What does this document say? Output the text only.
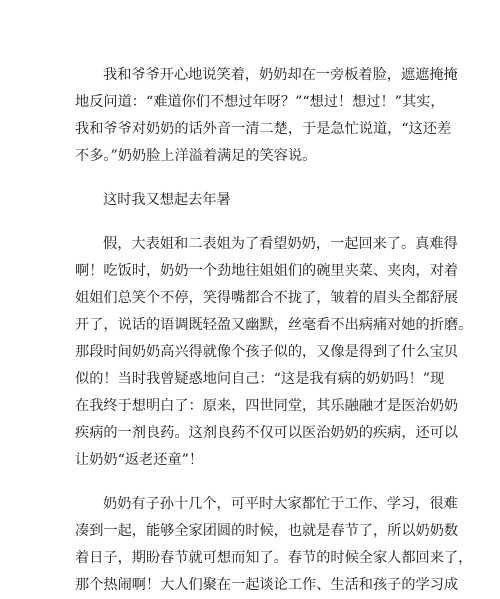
我和爷爷开心地说笑着，奶奶却在一旁板着脸，遮遮掩掩
地反问道：“难道你们不想过年呀？”“想过！想过！”其实，
我和爷爷对奶奶的话外音一清二楚，于是急忙说道，“这还差
不多。”奶奶脸上洋溢着满足的笑容说。
这时我又想起去年暑
假，大表姐和二表姐为了看望奶奶，一起回来了。真难得
啊！吃饭时，奶奶一个劲地往姐姐们的碗里夹菜、夹肉，对着
姐姐们总笑个不停，笑得嘴都合不拢了，皱着的眉头全都舒展
开了，说话的语调既轻盈又幽默，丝毫看不出病痛对她的折磨。
那段时间奶奶高兴得就像个孩子似的，又像是得到了什么宝贝
似的！当时我曾疑惑地问自己：“这是我有病的奶奶吗！”现
在我终于想明白了：原来，四世同堂，其乐融融才是医治奶奶
疾病的一剂良药。这剂良药不仅可以医治奶奶的疾病，还可以
让奶奶“返老还童”！
奶奶有子孙十几个，可平时大家都忙于工作、学习，很难
凑到一起，能够全家团圆的时候，也就是春节了，所以奶奶数
着日子，期盼春节就可想而知了。春节的时候全家人都回来了，
那个热闹啊！大人们聚在一起谈论工作、生活和孩子的学习成
